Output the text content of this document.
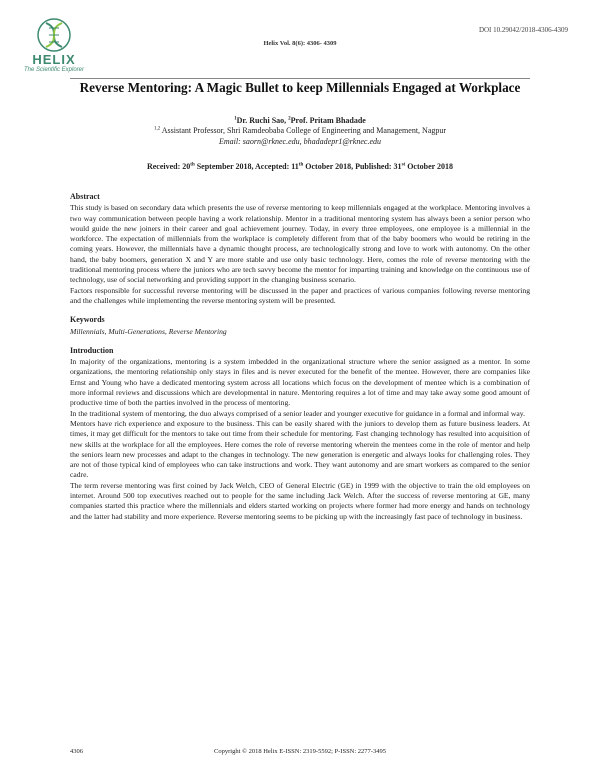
HELIX
The Scientific Explorer
DOI 10.29042/2018-4306-4309
Helix Vol. 8(6): 4306- 4309
Reverse Mentoring: A Magic Bullet to keep Millennials Engaged at Workplace
$^1$Dr. Ruchi Sao, $^2$Prof. Pritam Bhadade
$^{1,2}$ Assistant Professor, Shri Ramdeobaba College of Engineering and Management, Nagpur
Email: saorn@rknec.edu, bhadadepr1@rknec.edu
Received: 20th September 2018, Accepted: 11th October 2018, Published: 31st October 2018
Abstract

This study is based on secondary data which presents the use of reverse mentoring to keep millennials engaged at the workplace. Mentoring involves a two way communication between people having a work relationship. Mentor in a traditional mentoring system has always been a senior person who would guide the new joiners in their career and goal achievement journey. Today, in every three employees, one employee is a millennial in the workforce. The expectation of millennials from the workplace is completely different from that of the baby boomers who would be retiring in the coming years. However, the millennials have a dynamic thought process, are technologically strong and love to work with autonomy. On the other hand, the baby boomers, generation X and Y are more stable and use only basic technology. Here, comes the role of reverse mentoring with the traditional mentoring process where the juniors who are tech savvy become the mentor for imparting training and knowledge on the continuous use of technology, use of social networking and providing support in the changing business scenario.

Factors responsible for successful reverse mentoring will be discussed in the paper and practices of various companies following reverse mentoring and the challenges while implementing the reverse mentoring system will be presented.

Keywords

Millennials, Multi-Generations, Reverse Mentoring

Introduction

In majority of the organizations, mentoring is a system imbedded in the organizational structure where the senior assigned as a mentor. In some organizations, the mentoring relationship only stays in files and is never executed for the benefit of the mentee. However, there are companies like Ernst and Young who have a dedicated mentoring system across all locations which focus on the development of mentee which is a combination of more informal reviews and discussions which are developmental in nature. Mentoring requires a lot of time and may take away some good amount of productive time of both the parties involved in the process of mentoring.

In the traditional system of mentoring, the duo always comprised of a senior leader and younger executive for guidance in a formal and informal way.

Mentors have rich experience and exposure to the business. This can be easily shared with the juniors to develop them as future business leaders. At times, it may get difficult for the mentors to take out time from their schedule for mentoring. Fast changing technology has resulted into acquisition of new skills at the workplace for all the employees. Here comes the role of reverse mentoring wherein the mentees come in the role of mentor and help the seniors learn new processes and adapt to the changes in technology. The new generation is energetic and always looks for challenging roles. They are not of those typical kind of employees who can take instructions and work. They want autonomy and are smart workers as compared to the senior cadre.

The term reverse mentoring was first coined by Jack Welch, CEO of General Electric (GE) in 1999 with the objective to train the old employees on internet. Around 500 top executives reached out to people for the same including Jack Welch. After the success of reverse mentoring at GE, many companies started this practice where the millennials and elders started working on projects where former had more energy and hands on technology and the latter had stability and more experience. Reverse mentoring seems to be picking up with the increasingly fast pace of technology in business.

4306	Copyright © 2018 Helix E-ISSN: 2319-5592; P-ISSN: 2277-3495
